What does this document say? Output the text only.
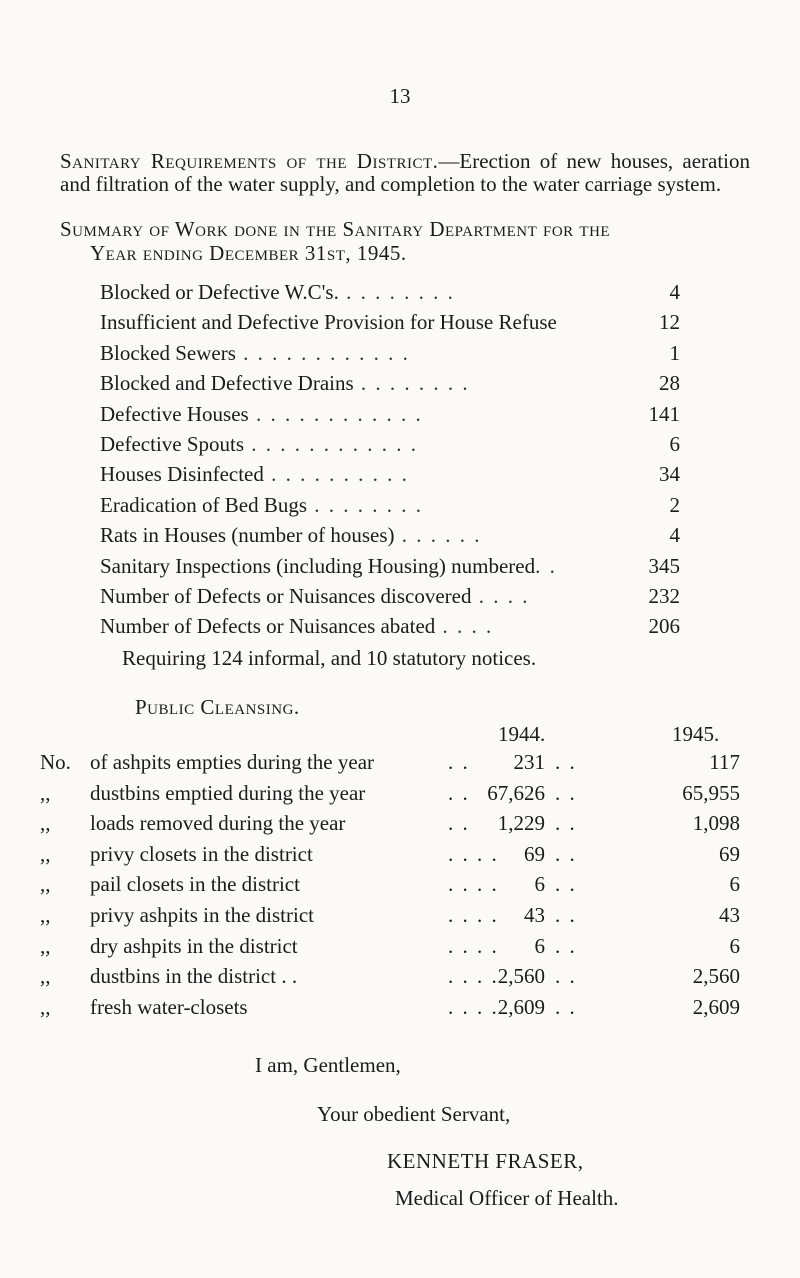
13
Sanitary Requirements of the District.—Erection of new houses, aeration and filtration of the water supply, and completion to the water carriage system.
Summary of Work done in the Sanitary Department for the
Year ending December 31st, 1945.
Blocked or Defective W.C's. . . . . . . . .	4
Insufficient and Defective Provision for House Refuse	12
Blocked Sewers . . . . . . . . . . . .	1
Blocked and Defective Drains . . . . . . . .	28
Defective Houses . . . . . . . . . . . .	141
Defective Spouts . . . . . . . . . . . .	6
Houses Disinfected . . . . . . . . . .	34
Eradication of Bed Bugs . . . . . . . .	2
Rats in Houses (number of houses) . . . . . .	4
Sanitary Inspections (including Housing) numbered. .	345
Number of Defects or Nuisances discovered . . . .	232
Number of Defects or Nuisances abated . . . .	206
Requiring 124 informal, and 10 statutory notices.
Public Cleansing.
1944.	1945.
No. of ashpits empties during the year	. . 231 . .	117
,, dustbins emptied during the year	. . 67,626 . .	65,955
,, loads removed during the year	. . 1,229 . .	1,098
,, privy closets in the district	. . . . 69 . .	69
,, pail closets in the district	. . . . 6 . .	6
,, privy ashpits in the district	. . . . 43 . .	43
,, dry ashpits in the district	. . . . 6 . .	6
,, dustbins in the district . .	. . . . 2,560 . .	2,560
,, fresh water-closets	. . . . 2,609 . .	2,609
I am, Gentlemen,
Your obedient Servant,
KENNETH FRASER,
Medical Officer of Health.
